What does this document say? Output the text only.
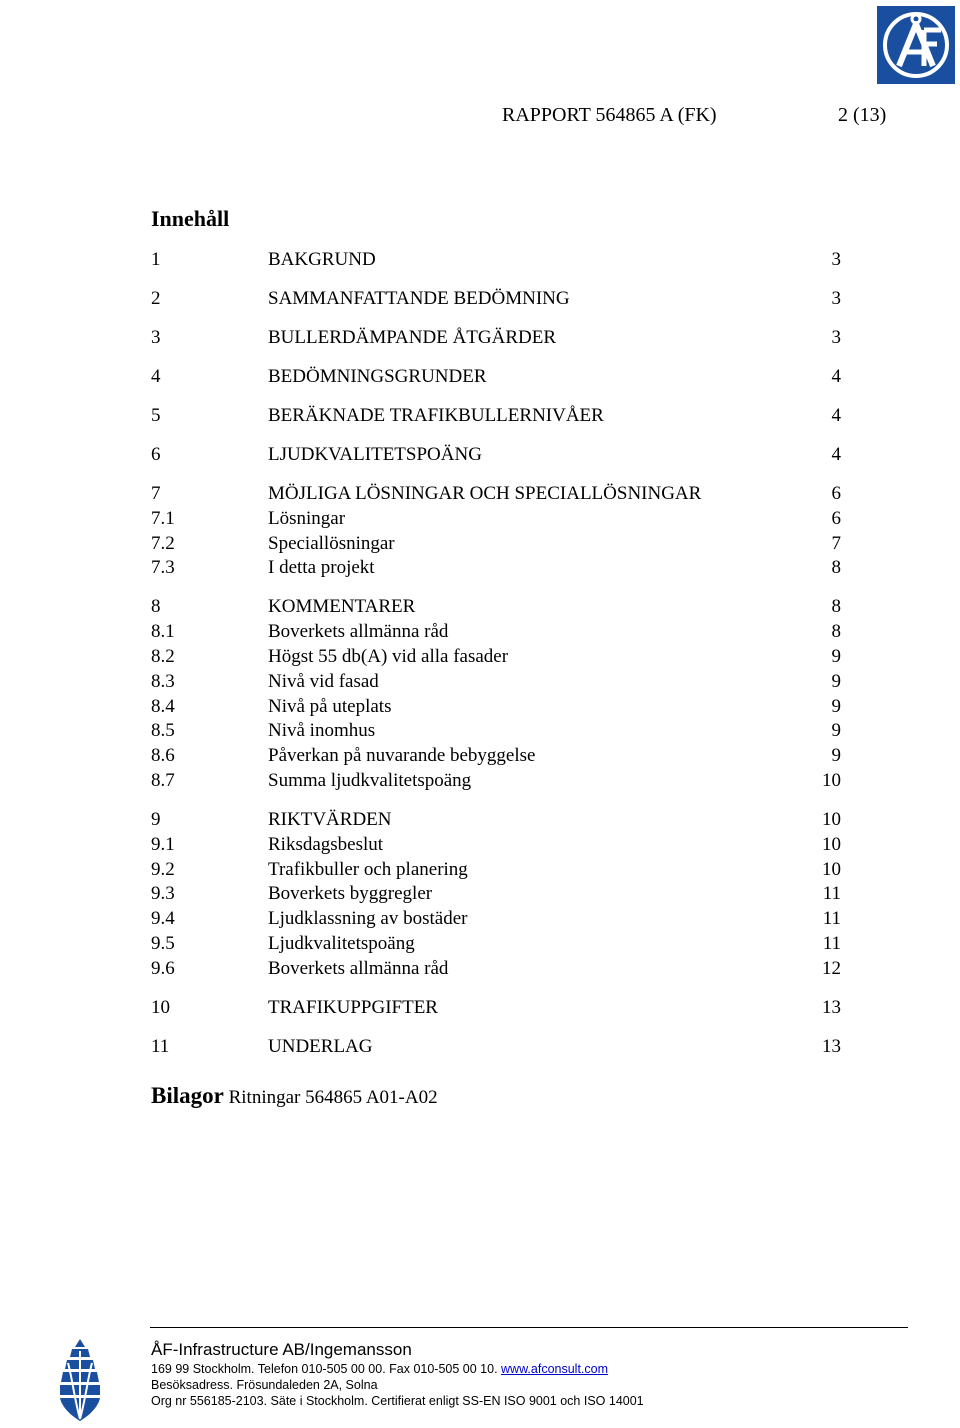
RAPPORT 564865 A (FK)	2 (13)
Innehåll
1	BAKGRUND	3
2	SAMMANFATTANDE BEDÖMNING	3
3	BULLERDÄMPANDE ÅTGÄRDER	3
4	BEDÖMNINGSGRUNDER	4
5	BERÄKNADE TRAFIKBULLERNIVÅER	4
6	LJUDKVALITETSPOÄNG	4
7	MÖJLIGA LÖSNINGAR OCH SPECIALLÖSNINGAR	6
7.1	Lösningar	6
7.2	Speciallösningar	7
7.3	I detta projekt	8
8	KOMMENTARER	8
8.1	Boverkets allmänna råd	8
8.2	Högst 55 db(A) vid alla fasader	9
8.3	Nivå vid fasad	9
8.4	Nivå på uteplats	9
8.5	Nivå inomhus	9
8.6	Påverkan på nuvarande bebyggelse	9
8.7	Summa ljudkvalitetspoäng	10
9	RIKTVÄRDEN	10
9.1	Riksdagsbeslut	10
9.2	Trafikbuller och planering	10
9.3	Boverkets byggregler	11
9.4	Ljudklassning av bostäder	11
9.5	Ljudkvalitetspoäng	11
9.6	Boverkets allmänna råd	12
10	TRAFIKUPPGIFTER	13
11	UNDERLAG	13
Bilagor Ritningar 564865 A01-A02
ÅF-Infrastructure AB/Ingemansson
169 99 Stockholm. Telefon 010-505 00 00. Fax 010-505 00 10. www.afconsult.com
Besöksadress. Frösundaleden 2A, Solna
Org nr 556185-2103. Säte i Stockholm. Certifierat enligt SS-EN ISO 9001 och ISO 14001
